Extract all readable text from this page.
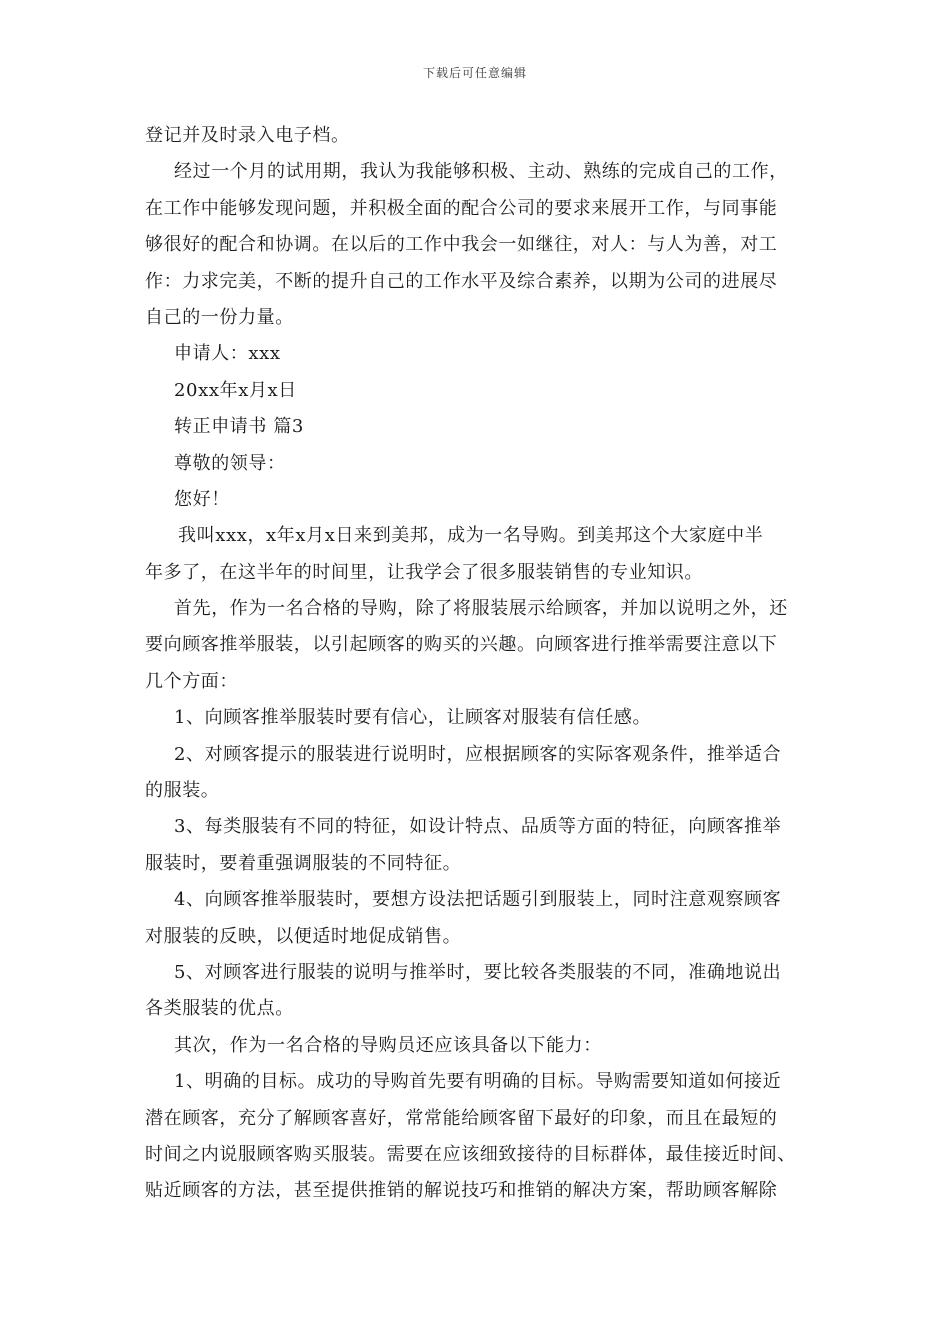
下载后可任意编辑
登记并及时录入电子档。
经过一个月的试用期，我认为我能够积极、主动、熟练的完成自己的工作，
在工作中能够发现问题，并积极全面的配合公司的要求来展开工作，与同事能
够很好的配合和协调。在以后的工作中我会一如继往，对人：与人为善，对工
作：力求完美，不断的提升自己的工作水平及综合素养，以期为公司的进展尽
自己的一份力量。
申请人：xxx
20xx年x月x日
转正申请书 篇3
尊敬的领导：
您好！
我叫xxx，x年x月x日来到美邦，成为一名导购。到美邦这个大家庭中半
年多了，在这半年的时间里，让我学会了很多服装销售的专业知识。
首先，作为一名合格的导购，除了将服装展示给顾客，并加以说明之外，还
要向顾客推举服装，以引起顾客的购买的兴趣。向顾客进行推举需要注意以下
几个方面：
1、向顾客推举服装时要有信心，让顾客对服装有信任感。
2、对顾客提示的服装进行说明时，应根据顾客的实际客观条件，推举适合
的服装。
3、每类服装有不同的特征，如设计特点、品质等方面的特征，向顾客推举
服装时，要着重强调服装的不同特征。
4、向顾客推举服装时，要想方设法把话题引到服装上，同时注意观察顾客
对服装的反映，以便适时地促成销售。
5、对顾客进行服装的说明与推举时，要比较各类服装的不同，准确地说出
各类服装的优点。
其次，作为一名合格的导购员还应该具备以下能力：
1、明确的目标。成功的导购首先要有明确的目标。导购需要知道如何接近
潜在顾客，充分了解顾客喜好，常常能给顾客留下最好的印象，而且在最短的
时间之内说服顾客购买服装。需要在应该细致接待的目标群体，最佳接近时间、
贴近顾客的方法，甚至提供推销的解说技巧和推销的解决方案，帮助顾客解除
